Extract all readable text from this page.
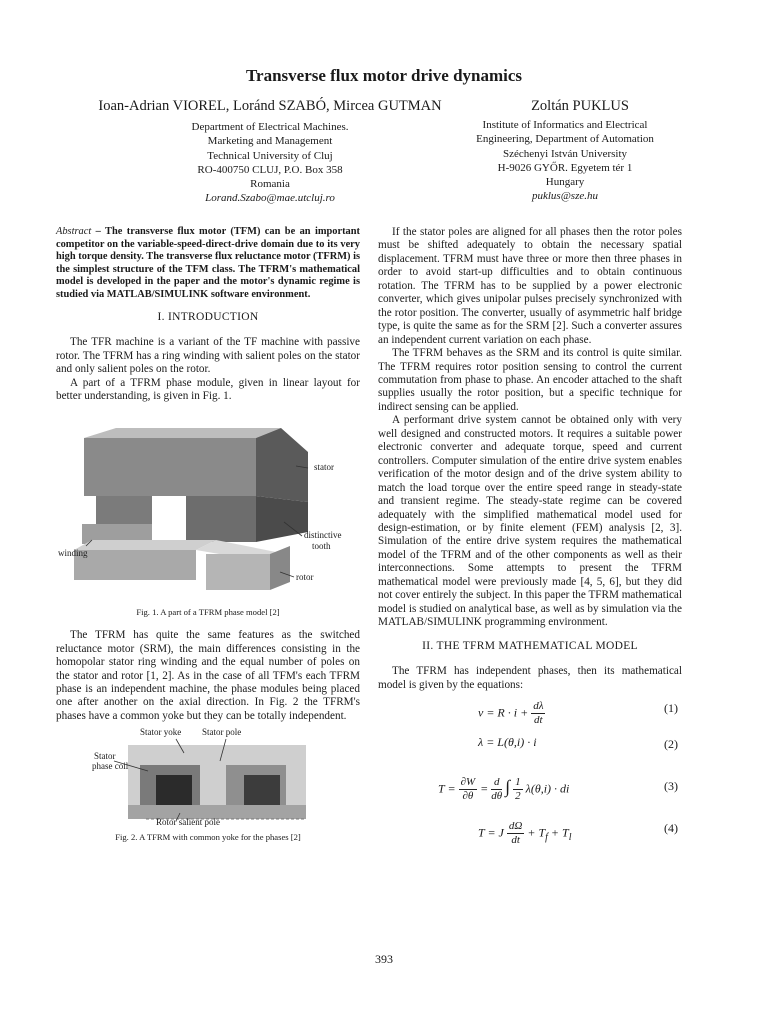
Transverse flux motor drive dynamics
Ioan-Adrian VIOREL, Loránd SZABÓ, Mircea GUTMAN	Zoltán PUKLUS
Department of Electrical Machines.
Marketing and Management
Technical University of Cluj
RO-400750 CLUJ, P.O. Box 358
Romania
Lorand.Szabo@mae.utcluj.ro
Institute of Informatics and Electrical
Engineering, Department of Automation
Széchenyi István University
H-9026 GYŐR. Egyetem tér 1
Hungary
puklus@sze.hu

Abstract – The transverse flux motor (TFM) can be an important competitor on the variable-speed-direct-drive domain due to its very high torque density. The transverse flux reluctance motor (TFRM) is the simplest structure of the TFM class. The TFRM's mathematical model is developed in the paper and the motor's dynamic regime is studied via MATLAB/SIMULINK software environment.

I. INTRODUCTION

The TFR machine is a variant of the TF machine with passive rotor. The TFRM has a ring winding with salient poles on the stator and only salient poles on the rotor.

A part of a TFRM phase module, given in linear layout for better understanding, is given in Fig. 1.

stator
distinctive
tooth
winding
rotor

Fig. 1. A part of a TFRM phase model [2]

The TFRM has quite the same features as the switched reluctance motor (SRM), the main differences consisting in the homopolar stator ring winding and the equal number of poles on the stator and rotor [1, 2]. As in the case of all TFM's each TFRM phase is an independent machine, the phase modules being placed one after another on the axial direction. In Fig. 2 the TFRM's phases have a common yoke but they can be totally independent.

Stator yoke Stator pole
Stator
phase coil
Rotor salient pole

Fig. 2. A TFRM with common yoke for the phases [2]

If the stator poles are aligned for all phases then the rotor poles must be shifted adequately to obtain the necessary spatial displacement. TFRM must have three or more then three phases in order to avoid start-up difficulties and to obtain continuous rotation. The TFRM has to be supplied by a power electronic converter, which gives unipolar pulses precisely synchronized with the rotor position. The converter, usually of asymmetric half bridge type, is quite the same as for the SRM [2]. Such a converter assures an independent current variation on each phase.

The TFRM behaves as the SRM and its control is quite similar. The TFRM requires rotor position sensing to control the current commutation from phase to phase. An encoder attached to the shaft supplies usually the rotor position, but a specific technique for indirect sensing can be applied.

A performant drive system cannot be obtained only with very well designed and constructed motors. It requires a suitable power electronic converter and adequate torque, speed and current controllers. Computer simulation of the entire drive system enables verification of the motor design and of the drive system ability to match the load torque over the entire speed range in steady-state and transient regime. The steady-state regime can be covered adequately with the simplified mathematical model used for design-estimation, or by finite element (FEM) analysis [2, 3]. Simulation of the entire drive system requires the mathematical model of the TFRM and of the other components as well as their interconnections. Some attempts to present the TFRM mathematical model were previously made [4, 5, 6], but they did not cover entirely the subject. In this paper the TFRM mathematical model is studied on analytical base, as well as by simulation via the MATLAB/SIMULINK programming environment.

II. THE TFRM MATHEMATICAL MODEL

The TFRM has independent phases, then its mathematical model is given by the equations:

$v = R \cdot i + \frac{d\lambda}{dt}$	(1)
λ = L(θ,i) · i	(2)
$T = \frac{\partial W}{\partial\theta} = \frac{d}{d\theta}$ ∫ $\frac{1}{2} \lambda(\theta,i)$ · di	(3)
T = J $\frac{d\Omega}{dt} + T_f + T_l$
(4)
393
